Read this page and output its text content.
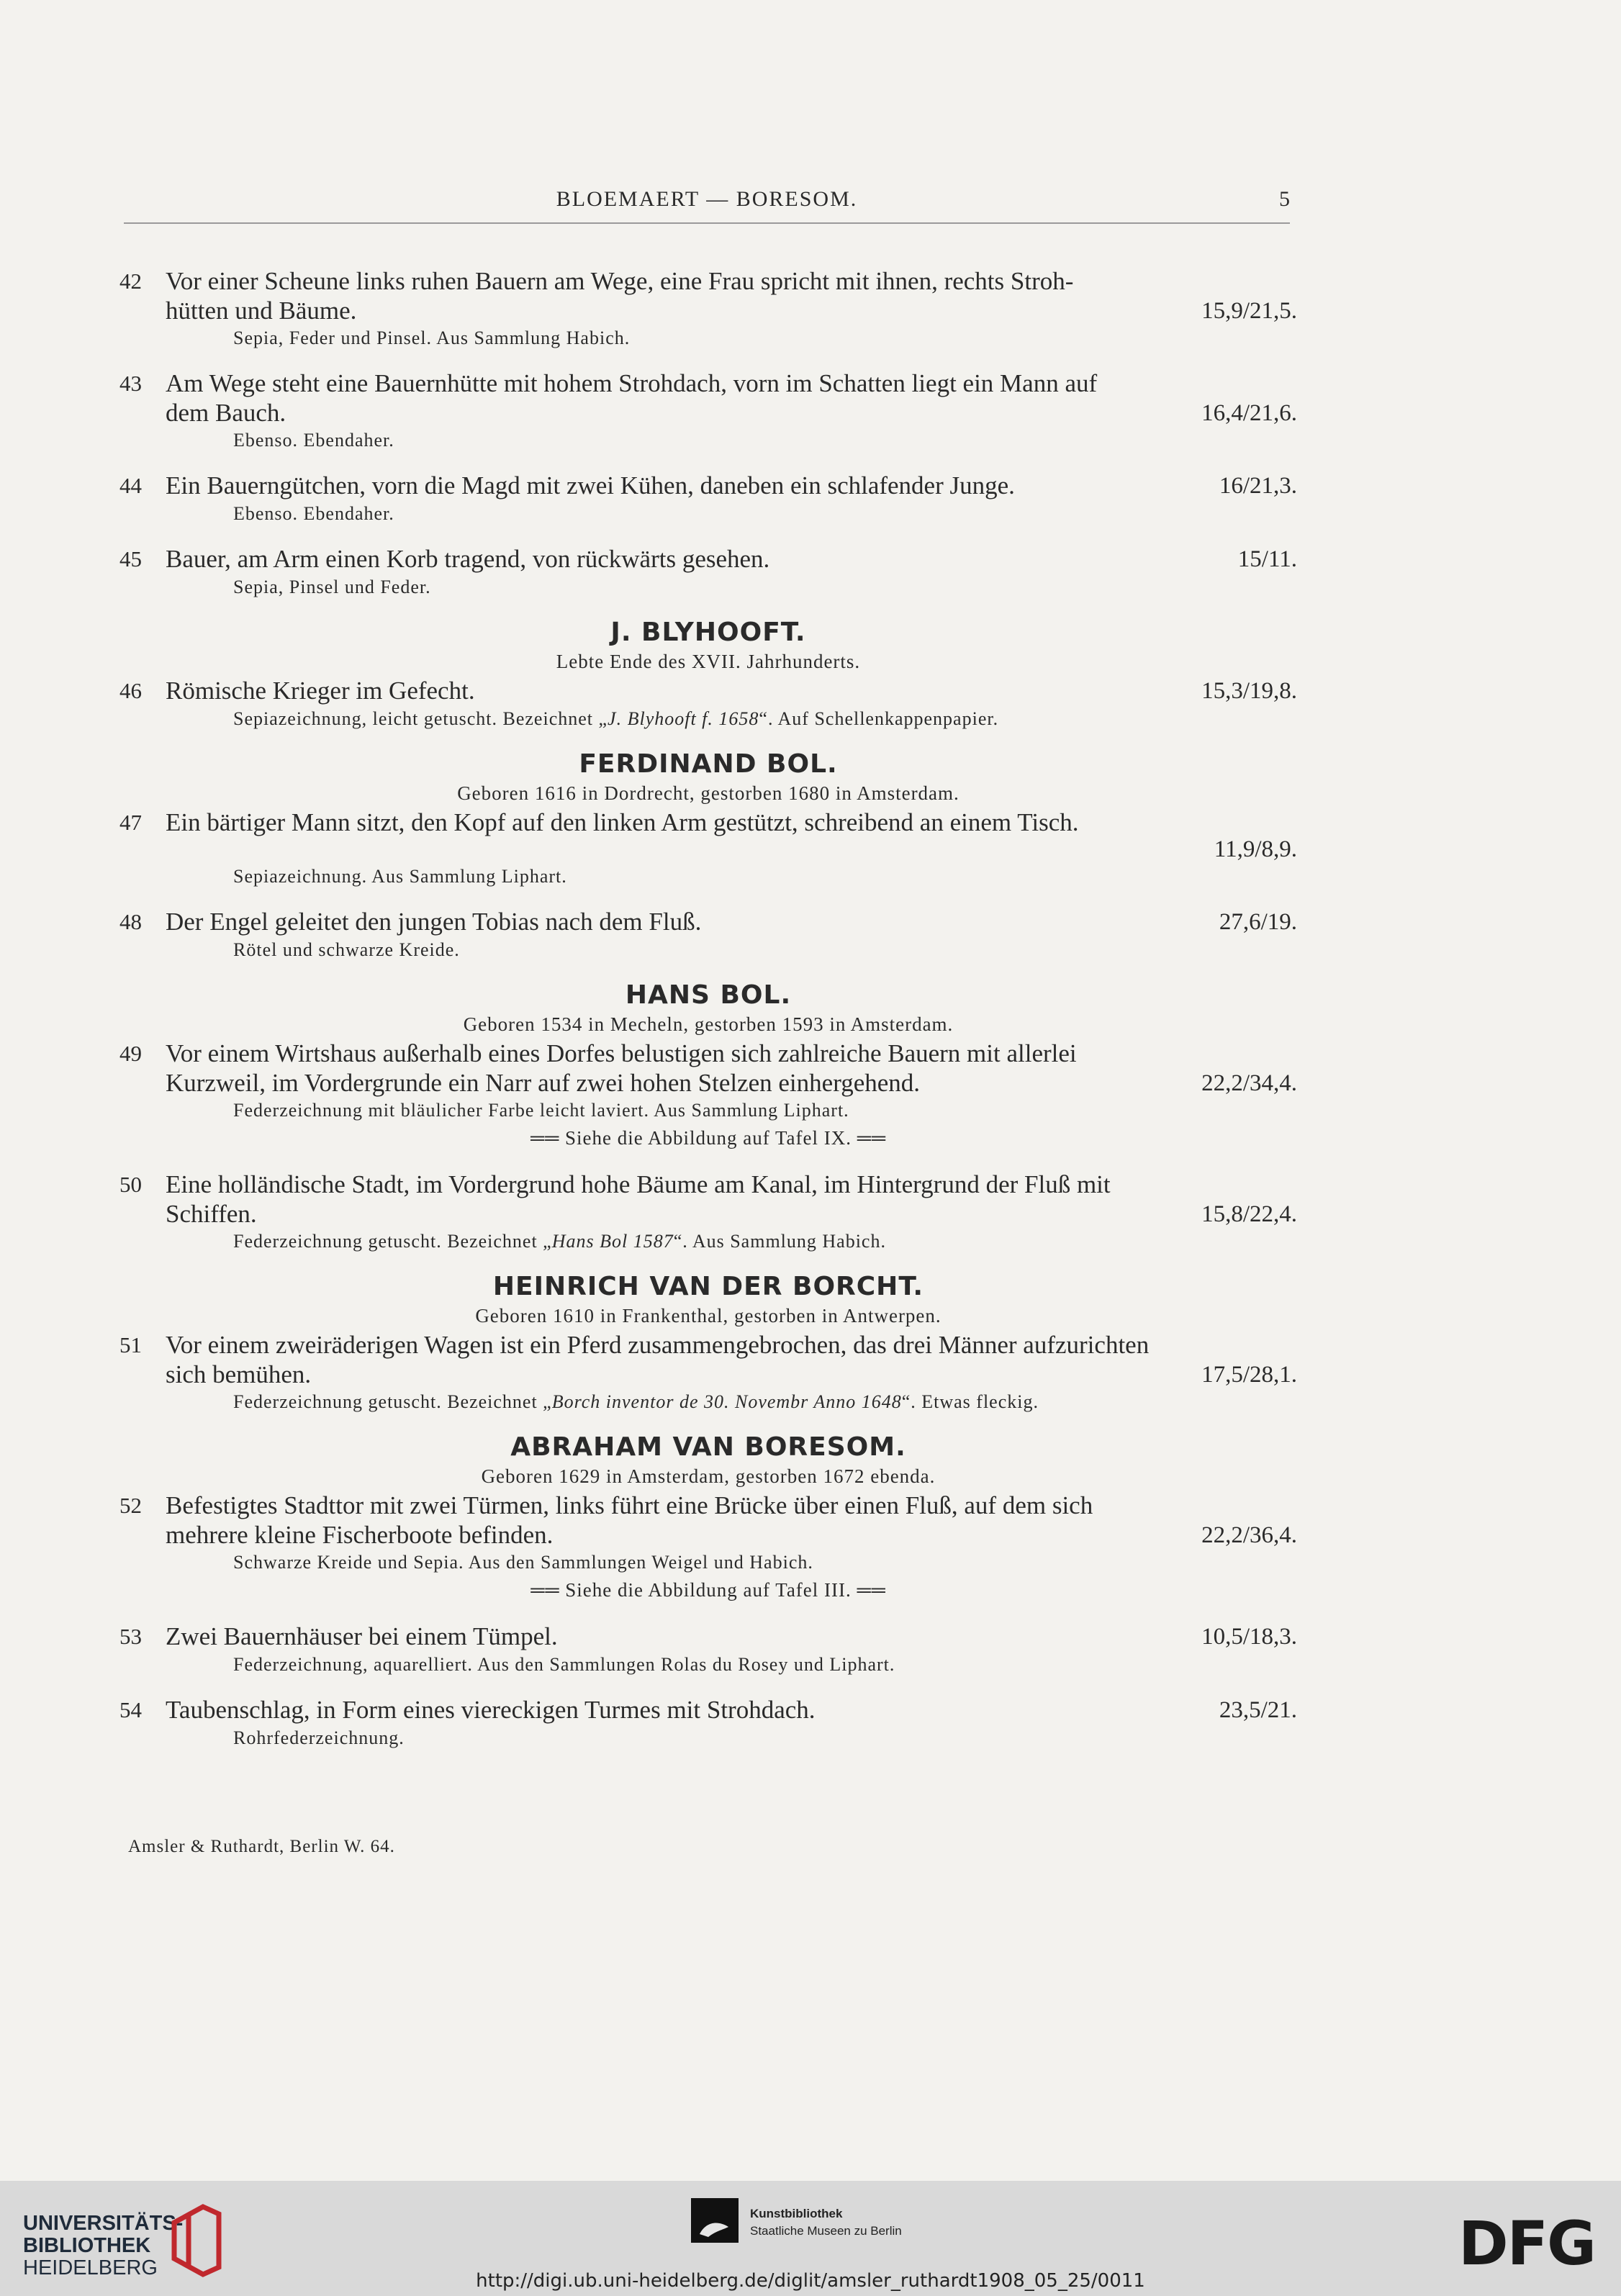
BLOEMAERT — BORESOM.	5
42 Vor einer Scheune links ruhen Bauern am Wege, eine Frau spricht mit ihnen, rechts Stroh-
hütten und Bäume.	15,9/21,5.
Sepia, Feder und Pinsel. Aus Sammlung Habich.
43 Am Wege steht eine Bauernhütte mit hohem Strohdach, vorn im Schatten liegt ein Mann auf
dem Bauch.	16,4/21,6.
Ebenso. Ebendaher.
44 Ein Bauerngütchen, vorn die Magd mit zwei Kühen, daneben ein schlafender Junge.	16/21,3.
Ebenso. Ebendaher.
45 Bauer, am Arm einen Korb tragend, von rückwärts gesehen.	15/11.
Sepia, Pinsel und Feder.
J. BLYHOOFT.
Lebte Ende des XVII. Jahrhunderts.
46 Römische Krieger im Gefecht.	15,3/19,8.
Sepiazeichnung, leicht getuscht. Bezeichnet „J. Blyhooft f. 1658“. Auf Schellenkappenpapier.
FERDINAND BOL.
Geboren 1616 in Dordrecht, gestorben 1680 in Amsterdam.
47 Ein bärtiger Mann sitzt, den Kopf auf den linken Arm gestützt, schreibend an einem Tisch.
11,9/8,9.
Sepiazeichnung. Aus Sammlung Liphart.
48 Der Engel geleitet den jungen Tobias nach dem Fluß.	27,6/19.
Rötel und schwarze Kreide.
HANS BOL.
Geboren 1534 in Mecheln, gestorben 1593 in Amsterdam.
49 Vor einem Wirtshaus außerhalb eines Dorfes belustigen sich zahlreiche Bauern mit allerlei
Kurzweil, im Vordergrunde ein Narr auf zwei hohen Stelzen einhergehend.	22,2/34,4.
Federzeichnung mit bläulicher Farbe leicht laviert. Aus Sammlung Liphart.
══ Siehe die Abbildung auf Tafel IX. ══
50 Eine holländische Stadt, im Vordergrund hohe Bäume am Kanal, im Hintergrund der Fluß mit
Schiffen.	15,8/22,4.
Federzeichnung getuscht. Bezeichnet „Hans Bol 1587“. Aus Sammlung Habich.
HEINRICH VAN DER BORCHT.
Geboren 1610 in Frankenthal, gestorben in Antwerpen.
51 Vor einem zweiräderigen Wagen ist ein Pferd zusammengebrochen, das drei Männer aufzurichten
sich bemühen.	17,5/28,1.
Federzeichnung getuscht. Bezeichnet „Borch inventor de 30. Novembr Anno 1648“. Etwas fleckig.
ABRAHAM VAN BORESOM.
Geboren 1629 in Amsterdam, gestorben 1672 ebenda.
52 Befestigtes Stadttor mit zwei Türmen, links führt eine Brücke über einen Fluß, auf dem sich
mehrere kleine Fischerboote befinden.	22,2/36,4.
Schwarze Kreide und Sepia. Aus den Sammlungen Weigel und Habich.
══ Siehe die Abbildung auf Tafel III. ══
53 Zwei Bauernhäuser bei einem Tümpel.	10,5/18,3.
Federzeichnung, aquarelliert. Aus den Sammlungen Rolas du Rosey und Liphart.
54 Taubenschlag, in Form eines viereckigen Turmes mit Strohdach.	23,5/21.
Rohrfederzeichnung.
Amsler & Ruthardt, Berlin W. 64.
UNIVERSITÄTS-
BIBLIOTHEK
HEIDELBERG
Kunstbibliothek
Staatliche Museen zu Berlin	DFG
http://digi.ub.uni-heidelberg.de/diglit/amsler_ruthardt1908_05_25/0011
